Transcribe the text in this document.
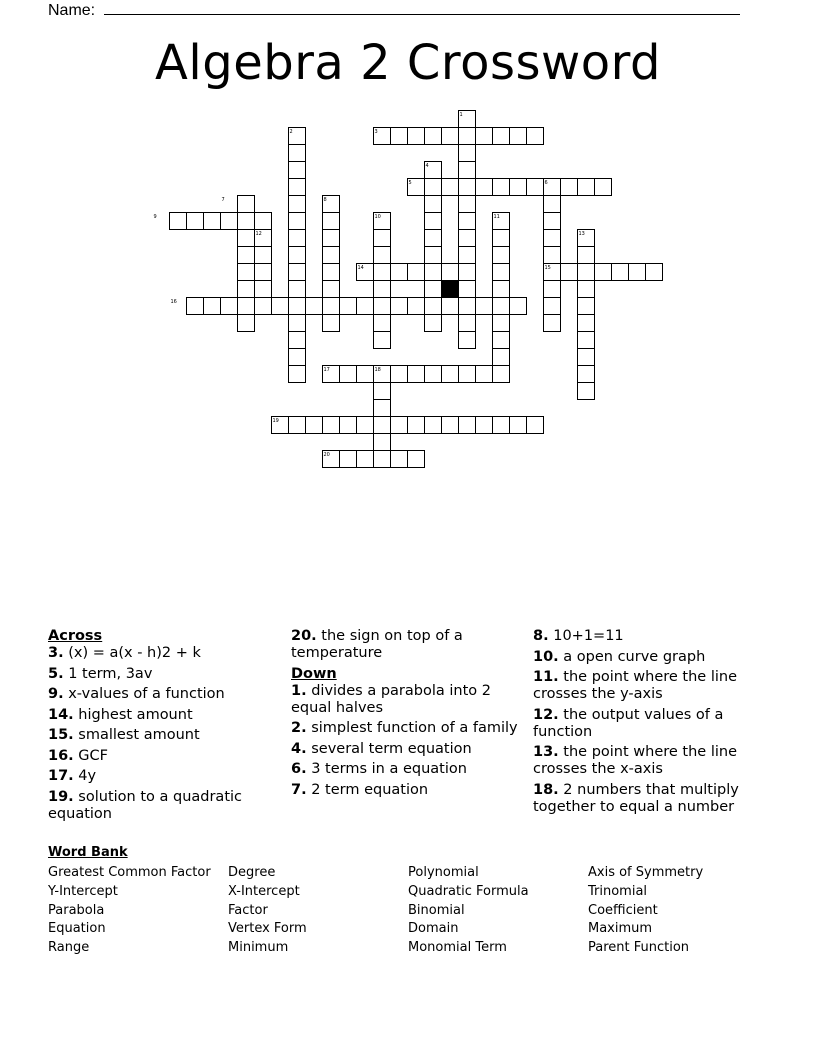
Name:
Algebra 2 Crossword
1
2	3
4
5	6
7	8
9	10	11
12	13
14	15
16
17	18
19
20
Across
3. (x) = a(x - h)2 + k
5. 1 term, 3av
9. x-values of a function
14. highest amount
15. smallest amount
16. GCF
17. 4y
19. solution to a quadratic equation
20. the sign on top of a temperature
Down
1. divides a parabola into 2 equal halves
2. simplest function of a family
4. several term equation
6. 3 terms in a equation
7. 2 term equation
8. 10+1=11
10. a open curve graph
11. the point where the line crosses the y-axis
12. the output values of a function
13. the point where the line crosses the x-axis
18. 2 numbers that multiply together to equal a number
Word Bank
Greatest Common Factor	Degree	Polynomial	Axis of Symmetry
Y-Intercept	X-Intercept	Quadratic Formula	Trinomial
Parabola	Factor	Binomial	Coefficient
Equation	Vertex Form	Domain	Maximum
Range	Minimum	Monomial Term	Parent Function
